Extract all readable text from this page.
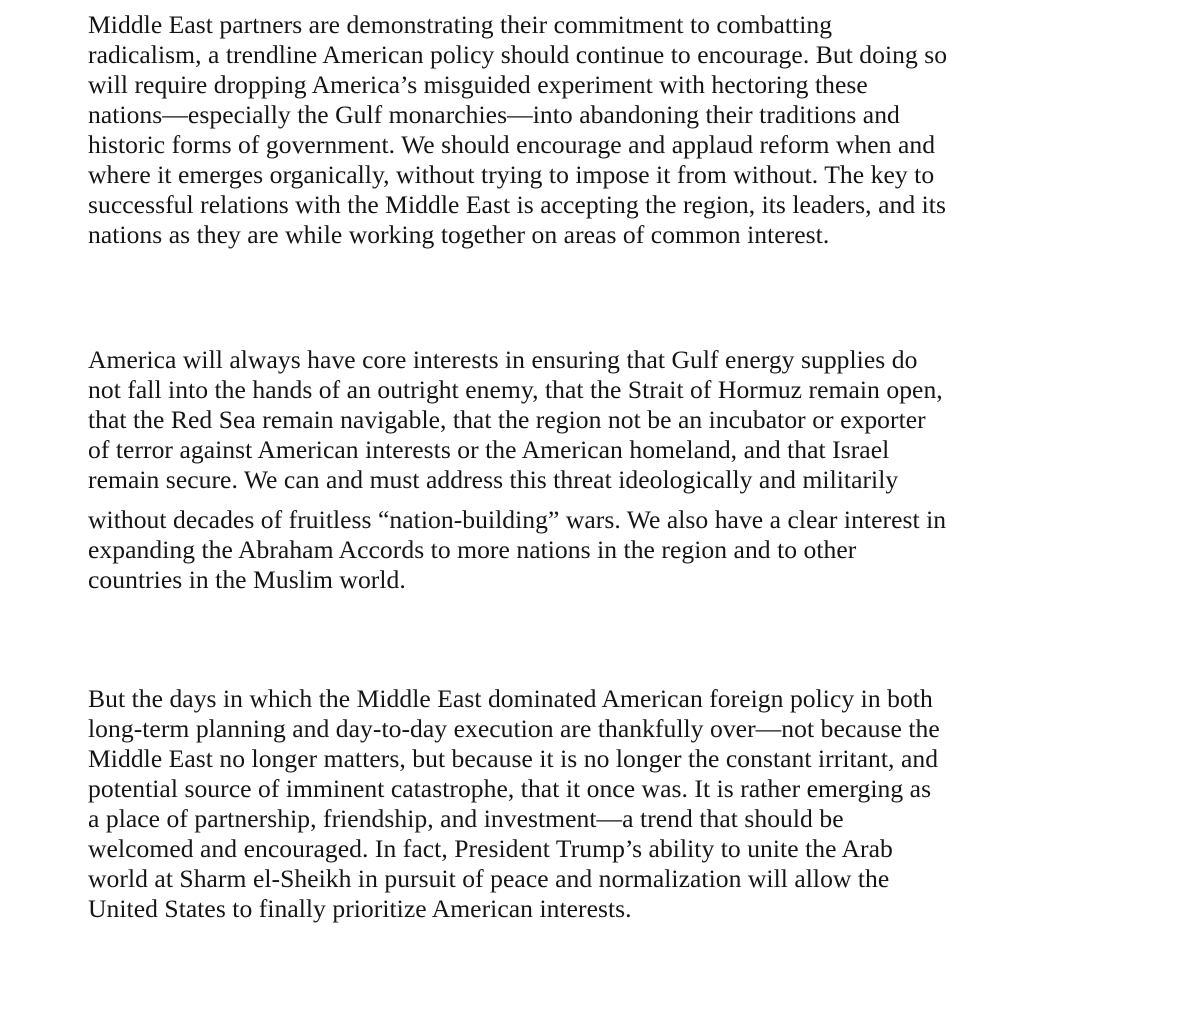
Middle East partners are demonstrating their commitment to combatting

radicalism, a trendline American policy should continue to encourage. But doing so

will require dropping America’s misguided experiment with hectoring these

nations—especially the Gulf monarchies—into abandoning their traditions and

historic forms of government. We should encourage and applaud reform when and

where it emerges organically, without trying to impose it from without. The key to

successful relations with the Middle East is accepting the region, its leaders, and its

nations as they are while working together on areas of common interest.

America will always have core interests in ensuring that Gulf energy supplies do

not fall into the hands of an outright enemy, that the Strait of Hormuz remain open,

that the Red Sea remain navigable, that the region not be an incubator or exporter

of terror against American interests or the American homeland, and that Israel

remain secure. We can and must address this threat ideologically and militarily

without decades of fruitless “nation-building” wars. We also have a clear interest in

expanding the Abraham Accords to more nations in the region and to other

countries in the Muslim world.

But the days in which the Middle East dominated American foreign policy in both

long-term planning and day-to-day execution are thankfully over—not because the

Middle East no longer matters, but because it is no longer the constant irritant, and

potential source of imminent catastrophe, that it once was. It is rather emerging as

a place of partnership, friendship, and investment—a trend that should be

welcomed and encouraged. In fact, President Trump’s ability to unite the Arab

world at Sharm el-Sheikh in pursuit of peace and normalization will allow the

United States to finally prioritize American interests.
